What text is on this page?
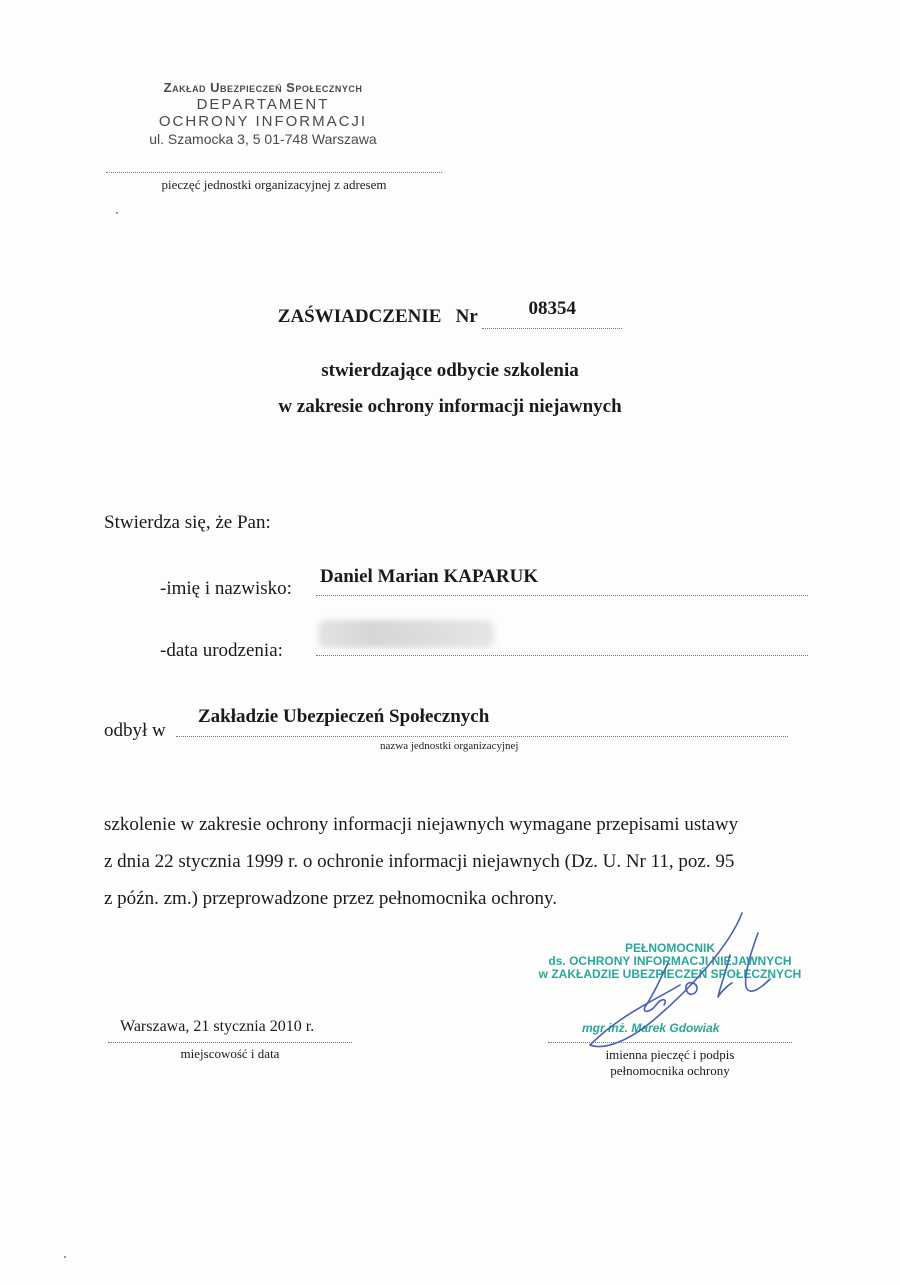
Zakład Ubezpieczeń Społecznych
DEPARTAMENT
OCHRONY INFORMACJI
ul. Szamocka 3, 5 01-748 Warszawa
pieczęć jednostki organizacyjnej z adresem
ZAŚWIADCZENIE Nr	08354
stwierdzające odbycie szkolenia
w zakresie ochrony informacji niejawnych
Stwierdza się, że Pan:
-imię i nazwisko:
Daniel Marian KAPARUK
-data urodzenia:
odbył w
Zakładzie Ubezpieczeń Społecznych
nazwa jednostki organizacyjnej
szkolenie w zakresie ochrony informacji niejawnych wymagane przepisami ustawy
z dnia 22 stycznia 1999 r. o ochronie informacji niejawnych (Dz. U. Nr 11, poz. 95
z późn. zm.) przeprowadzone przez pełnomocnika ochrony.
PEŁNOMOCNIK
ds. OCHRONY INFORMACJI NIEJAWNYCH
w ZAKŁADZIE UBEZPIECZEŃ SPOŁECZNYCH
mgr inż. Marek Gdowiak
Warszawa, 21 stycznia 2010 r.
miejscowość i data	imienna pieczęć i podpis
pełnomocnika ochrony
